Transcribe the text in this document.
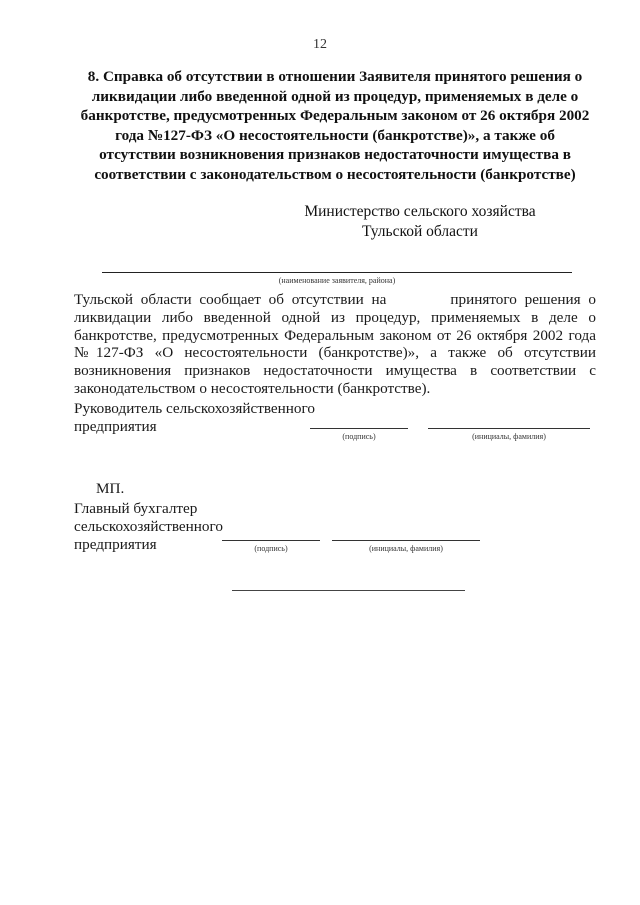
12
8. Справка об отсутствии в отношении Заявителя принятого решения о ликвидации либо введенной одной из процедур, применяемых в деле о банкротстве, предусмотренных Федеральным законом от 26 октября 2002 года №127-ФЗ «О несостоятельности (банкротстве)», а также об отсутствии возникновения признаков недостаточности имущества в соответствии с законодательством о несостоятельности (банкротстве)
Министерство сельского хозяйства
Тульской области
(наименование заявителя, района)
Тульской области сообщает об отсутствии на	принятого решения о ликвидации либо введенной одной из процедур, применяемых в деле о банкротстве, предусмотренных Федеральным законом от 26 октября 2002 года №127-ФЗ «О несостоятельности (банкротстве)», а также об отсутствии возникновения признаков недостаточности имущества в соответствии с законодательством о несостоятельности (банкротстве).
Руководитель сельскохозяйственного
предприятия
(подпись)	(инициалы, фамилия)
МП.
Главный бухгалтер
сельскохозяйственного
предприятия	(подпись)	(инициалы, фамилия)
